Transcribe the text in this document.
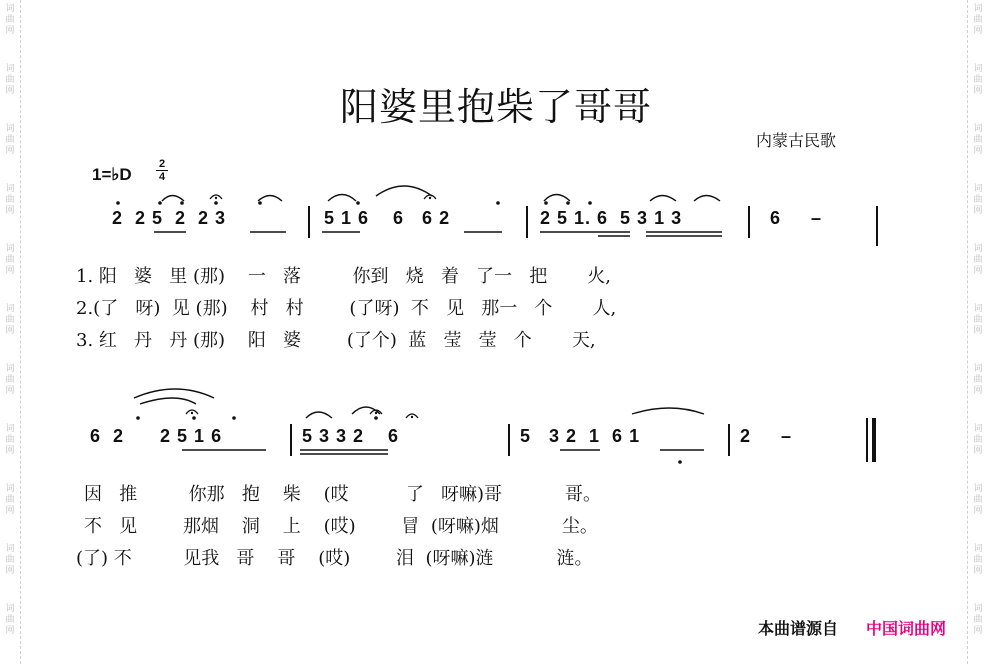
词
曲
网
词
曲
网
词
曲
网
词
曲
网
词
曲
网
词
曲
网
词
曲
网
词
曲
网
词
曲
网
词
曲
网
词
曲
网
词
曲
网
词
曲
网
词
曲
网
词
曲
网
词
曲
网
词
曲
网
词
曲
网
词
曲
网
词
曲
网
词
曲
网
词
曲
网
阳婆里抱柴了哥哥
内蒙古民歌
1=♭D
2
4
2  2 5  2  2 3	5 1 6    6   6 2	2 5 1. 6  5 3 1 3	6     –
1. 阳   婆   里 (那)    一   落         你到   烧   着   了一   把       火,
2.(了   呀)  见 (那)    村   村        (了呀)  不   见   那一   个       人,
3. 红   丹   丹 (那)    阳   婆        (了个)  蓝   莹   莹   个       天,
6  2      2 5 1 6	5 3 3 2    6	5   3 2  1  6 1	2     –
因   推         你那   抱    柴    (哎          了   呀嘛)哥           哥。
不   见        那烟    洞    上    (哎)        冒  (呀嘛)烟           尘。
(了) 不         见我   哥    哥    (哎)        泪  (呀嘛)涟           涟。
本曲谱源自 中国词曲网
